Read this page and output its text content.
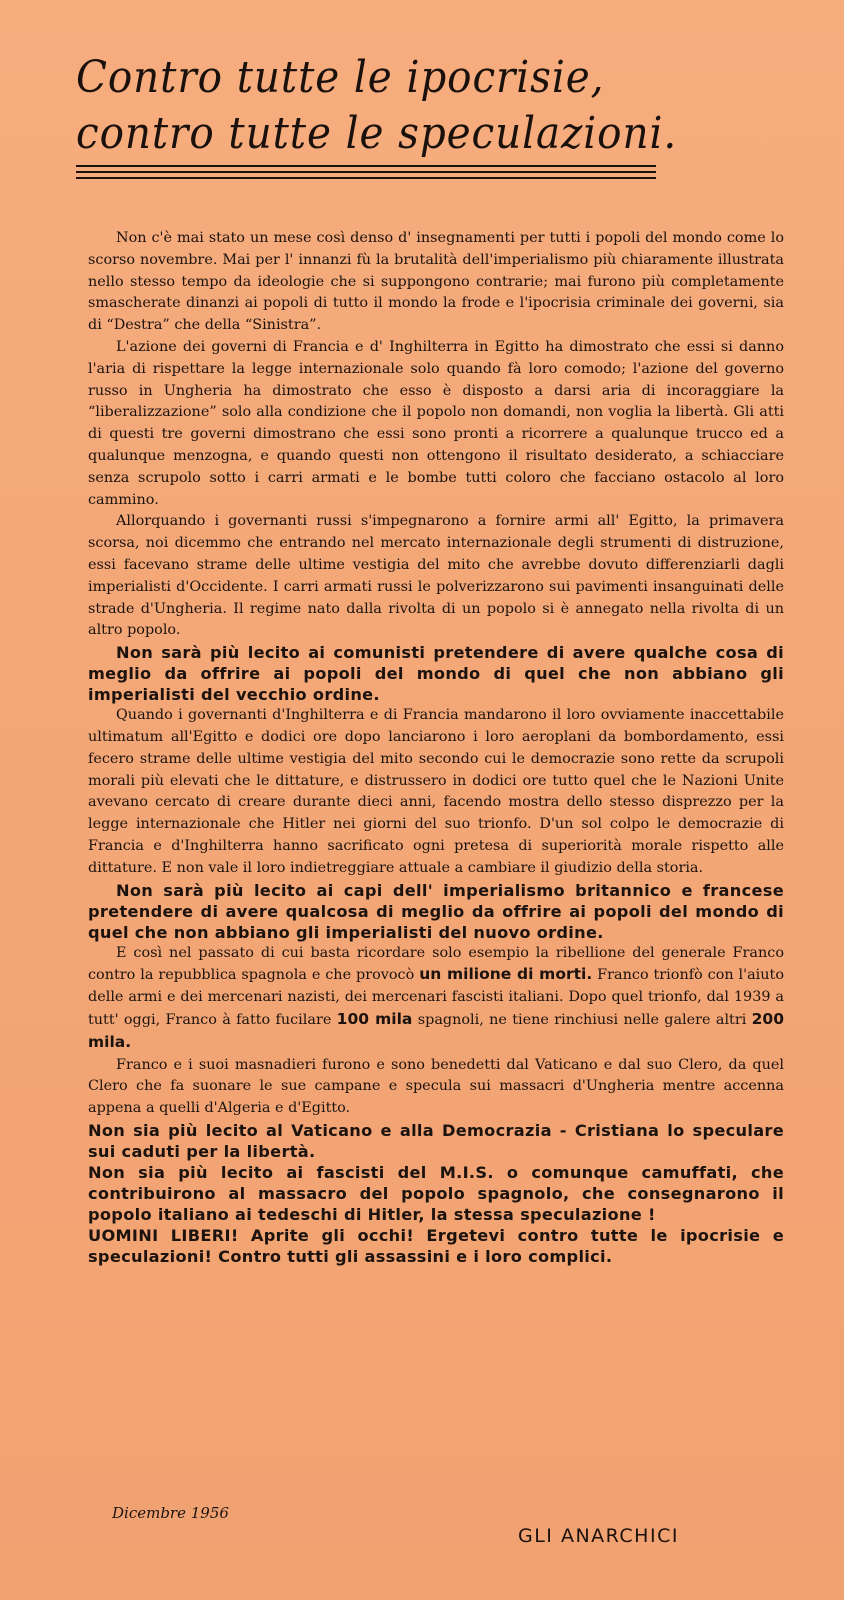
Contro tutte le ipocrisie,
contro tutte le speculazioni.

Non c'è mai stato un mese così denso d' insegnamenti per tutti i popoli del mondo come lo scorso novembre. Mai per l' innanzi fù la brutalità dell'imperialismo più chiaramente illustrata nello stesso tempo da ideologie che si suppongono contrarie; mai furono più completamente smascherate dinanzi ai popoli di tutto il mondo la frode e l'ipocrisia criminale dei governi, sia di “Destra” che della “Sinistra”.

L'azione dei governi di Francia e d' Inghilterra in Egitto ha dimostrato che essi si danno l'aria di rispettare la legge internazionale solo quando fà loro comodo; l'azione del governo russo in Ungheria ha dimostrato che esso è disposto a darsi aria di incoraggiare la “liberalizzazione” solo alla condizione che il popolo non domandi, non voglia la libertà. Gli atti di questi tre governi dimostrano che essi sono pronti a ricorrere a qualunque trucco ed a qualunque menzogna, e quando questi non ottengono il risultato desiderato, a schiacciare senza scrupolo sotto i carri armati e le bombe tutti coloro che facciano ostacolo al loro cammino.

Allorquando i governanti russi s'impegnarono a fornire armi all' Egitto, la primavera scorsa, noi dicemmo che entrando nel mercato internazionale degli strumenti di distruzione, essi facevano strame delle ultime vestigia del mito che avrebbe dovuto differenziarli dagli imperialisti d'Occidente. I carri armati russi le polverizzarono sui pavimenti insanguinati delle strade d'Ungheria. Il regime nato dalla rivolta di un popolo si è annegato nella rivolta di un altro popolo.

Non sarà più lecito ai comunisti pretendere di avere qualche cosa di meglio da offrire ai popoli del mondo di quel che non abbiano gli imperialisti del vecchio ordine.

Quando i governanti d'Inghilterra e di Francia mandarono il loro ovviamente inaccettabile ultimatum all'Egitto e dodici ore dopo lanciarono i loro aeroplani da bombordamento, essi fecero strame delle ultime vestigia del mito secondo cui le democrazie sono rette da scrupoli morali più elevati che le dittature, e distrussero in dodici ore tutto quel che le Nazioni Unite avevano cercato di creare durante dieci anni, facendo mostra dello stesso disprezzo per la legge internazionale che Hitler nei giorni del suo trionfo. D'un sol colpo le democrazie di Francia e d'Inghilterra hanno sacrificato ogni pretesa di superiorità morale rispetto alle dittature. E non vale il loro indietreggiare attuale a cambiare il giudizio della storia.

Non sarà più lecito ai capi dell' imperialismo britannico e francese pretendere di avere qualcosa di meglio da offrire ai popoli del mondo di quel che non abbiano gli imperialisti del nuovo ordine.

E così nel passato di cui basta ricordare solo esempio la ribellione del generale Franco contro la repubblica spagnola e che provocò un milione di morti. Franco trionfò con l'aiuto delle armi e dei mercenari nazisti, dei mercenari fascisti italiani. Dopo quel trionfo, dal 1939 a tutt' oggi, Franco à fatto fucilare 100 mila spagnoli, ne tiene rinchiusi nelle galere altri 200 mila.

Franco e i suoi masnadieri furono e sono benedetti dal Vaticano e dal suo Clero, da quel Clero che fa suonare le sue campane e specula sui massacri d'Ungheria mentre accenna appena a quelli d'Algeria e d'Egitto.

Non sia più lecito al Vaticano e alla Democrazia - Cristiana lo speculare sui caduti per la libertà.

Non sia più lecito ai fascisti del M.I.S. o comunque camuffati, che contribuirono al massacro del popolo spagnolo, che consegnarono il popolo italiano ai tedeschi di Hitler, la stessa speculazione !

UOMINI LIBERI! Aprite gli occhi! Ergetevi contro tutte le ipocrisie e speculazioni! Contro tutti gli assassini e i loro complici.

Dicembre 1956
GLI ANARCHICI
